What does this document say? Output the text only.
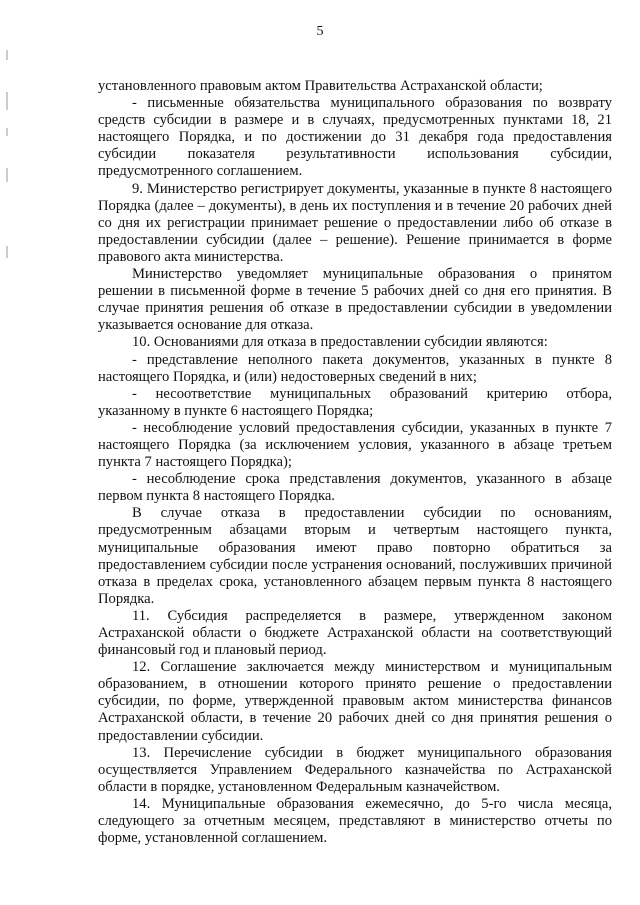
5

установленного правовым актом Правительства Астраханской области;

- письменные обязательства муниципального образования по возврату средств субсидии в размере и в случаях, предусмотренных пунктами 18, 21 настоящего Порядка, и по достижении до 31 декабря года предоставления субсидии показателя результативности использования субсидии, предусмотренного соглашением.

9. Министерство регистрирует документы, указанные в пункте 8 настоящего Порядка (далее – документы), в день их поступления и в течение 20 рабочих дней со дня их регистрации принимает решение о предоставлении либо об отказе в предоставлении субсидии (далее – решение). Решение принимается в форме правового акта министерства.

Министерство уведомляет муниципальные образования о принятом решении в письменной форме в течение 5 рабочих дней со дня его принятия. В случае принятия решения об отказе в предоставлении субсидии в уведомлении указывается основание для отказа.

10. Основаниями для отказа в предоставлении субсидии являются:

- представление неполного пакета документов, указанных в пункте 8 настоящего Порядка, и (или) недостоверных сведений в них;

- несоответствие муниципальных образований критерию отбора, указанному в пункте 6 настоящего Порядка;

- несоблюдение условий предоставления субсидии, указанных в пункте 7 настоящего Порядка (за исключением условия, указанного в абзаце третьем пункта 7 настоящего Порядка);

- несоблюдение срока представления документов, указанного в абзаце первом пункта 8 настоящего Порядка.

В случае отказа в предоставлении субсидии по основаниям, предусмотренным абзацами вторым и четвертым настоящего пункта, муниципальные образования имеют право повторно обратиться за предоставлением субсидии после устранения оснований, послуживших причиной отказа в пределах срока, установленного абзацем первым пункта 8 настоящего Порядка.

11. Субсидия распределяется в размере, утвержденном законом Астраханской области о бюджете Астраханской области на соответствующий финансовый год и плановый период.

12. Соглашение заключается между министерством и муниципальным образованием, в отношении которого принято решение о предоставлении субсидии, по форме, утвержденной правовым актом министерства финансов Астраханской области, в течение 20 рабочих дней со дня принятия решения о предоставлении субсидии.

13. Перечисление субсидии в бюджет муниципального образования осуществляется Управлением Федерального казначейства по Астраханской области в порядке, установленном Федеральным казначейством.

14. Муниципальные образования ежемесячно, до 5-го числа месяца, следующего за отчетным месяцем, представляют в министерство отчеты по форме, установленной соглашением.
